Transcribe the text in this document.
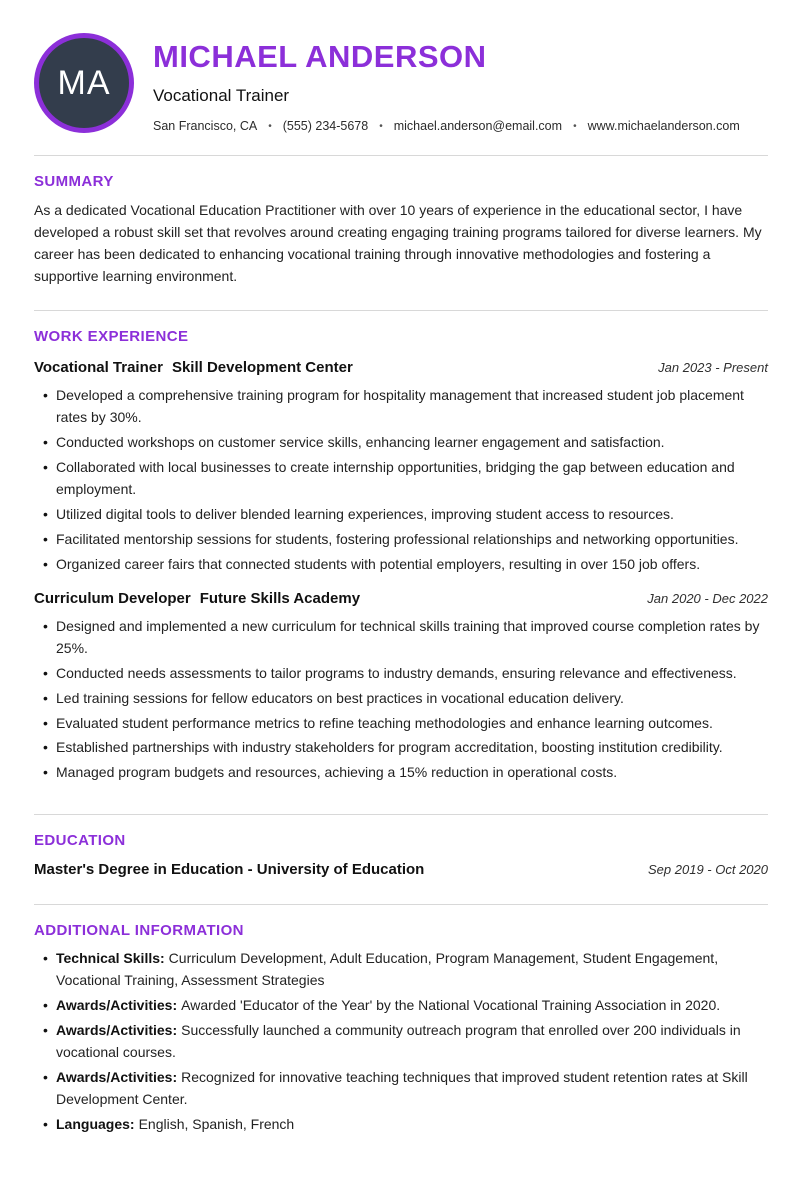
MA
MICHAEL ANDERSON
Vocational Trainer
San Francisco, CA • (555) 234-5678 • michael.anderson@email.com • www.michaelanderson.com
SUMMARY

As a dedicated Vocational Education Practitioner with over 10 years of experience in the educational sector, I have developed a robust skill set that revolves around creating engaging training programs tailored for diverse learners. My career has been dedicated to enhancing vocational training through innovative methodologies and fostering a supportive learning environment.

WORK EXPERIENCE
Vocational Trainer Skill Development Center	Jan 2023 - Present
• Developed a comprehensive training program for hospitality management that increased student job placement rates by 30%.
• Conducted workshops on customer service skills, enhancing learner engagement and satisfaction.
• Collaborated with local businesses to create internship opportunities, bridging the gap between education and employment.
• Utilized digital tools to deliver blended learning experiences, improving student access to resources.
• Facilitated mentorship sessions for students, fostering professional relationships and networking opportunities.
• Organized career fairs that connected students with potential employers, resulting in over 150 job offers.
Curriculum Developer Future Skills Academy	Jan 2020 - Dec 2022
• Designed and implemented a new curriculum for technical skills training that improved course completion rates by 25%.
• Conducted needs assessments to tailor programs to industry demands, ensuring relevance and effectiveness.
• Led training sessions for fellow educators on best practices in vocational education delivery.
• Evaluated student performance metrics to refine teaching methodologies and enhance learning outcomes.
• Established partnerships with industry stakeholders for program accreditation, boosting institution credibility.
• Managed program budgets and resources, achieving a 15% reduction in operational costs.
EDUCATION
Master's Degree in Education - University of Education	Sep 2019 - Oct 2020
ADDITIONAL INFORMATION
• Technical Skills: Curriculum Development, Adult Education, Program Management, Student Engagement, Vocational Training, Assessment Strategies
• Awards/Activities: Awarded 'Educator of the Year' by the National Vocational Training Association in 2020.
• Awards/Activities: Successfully launched a community outreach program that enrolled over 200 individuals in vocational courses.
• Awards/Activities: Recognized for innovative teaching techniques that improved student retention rates at Skill Development Center.
• Languages: English, Spanish, French
